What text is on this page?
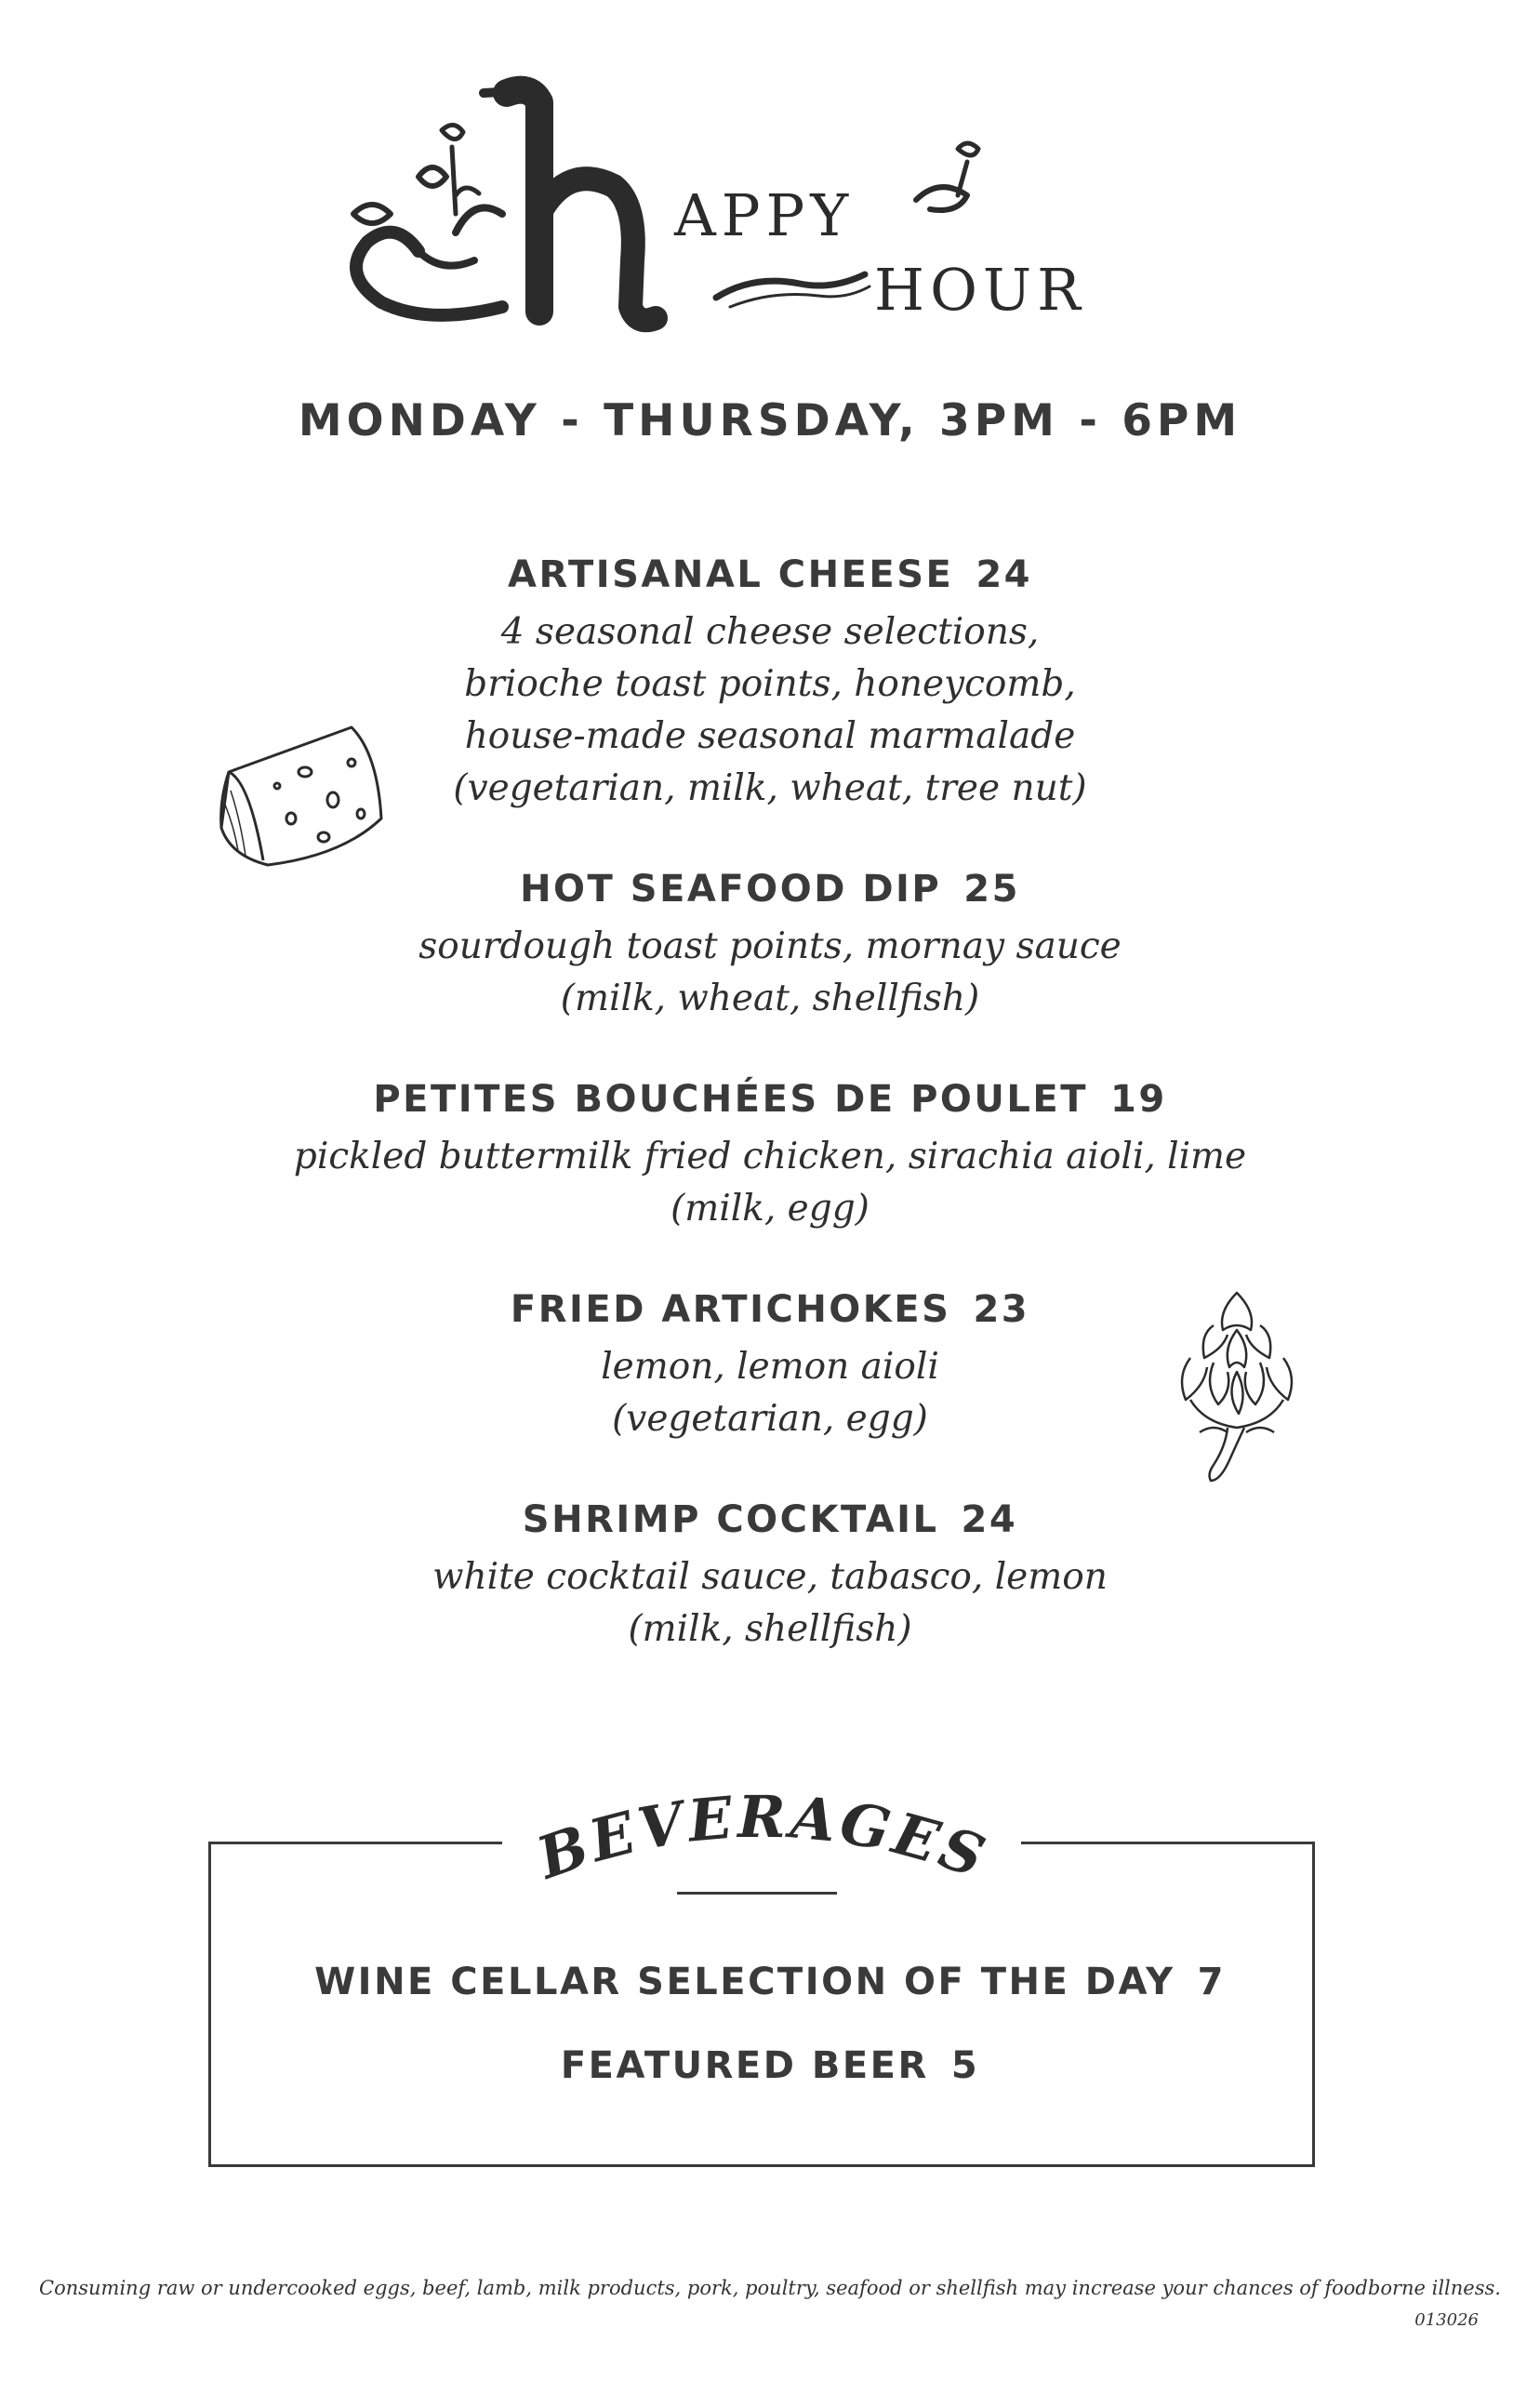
APPY
HOUR
MONDAY - THURSDAY, 3PM - 6PM
ARTISANAL CHEESE 24
4 seasonal cheese selections,
brioche toast points, honeycomb,
house-made seasonal marmalade
(vegetarian, milk, wheat, tree nut)
HOT SEAFOOD DIP 25
sourdough toast points, mornay sauce
(milk, wheat, shellfish)
PETITES BOUCHÉES DE POULET 19
pickled buttermilk fried chicken, sirachia aioli, lime
(milk, egg)
FRIED ARTICHOKES 23
lemon, lemon aioli
(vegetarian, egg)
SHRIMP COCKTAIL 24
white cocktail sauce, tabasco, lemon
(milk, shellfish)
BEVERAGES
WINE CELLAR SELECTION OF THE DAY 7
FEATURED BEER 5
Consuming raw or undercooked eggs, beef, lamb, milk products, pork, poultry, seafood or shellfish may increase your chances of foodborne illness.
013026
